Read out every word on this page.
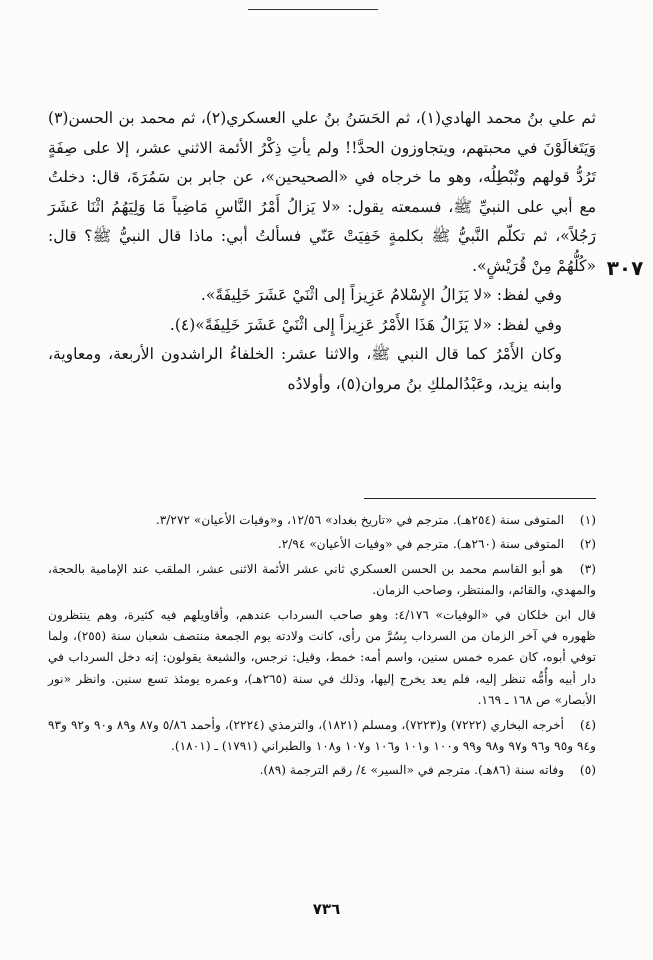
٣٠٧

ثم علي بنُ محمد الهادي(١)، ثم الحَسَنُ بنُ علي العسكري(٢)، ثم محمد بن الحسن(٣) وَيَتَغالَوْنَ في محبتهم، ويتجاوزون الحدَّ!! ولم يأتِ ذِكْرُ الأئمة الاثني عشر، إلا على صِفَةٍ تَرُدُّ قولهم وتُبْطِلُه، وهو ما خرجاه في «الصحيحين»، عن جابر بن سَمُرَةَ، قال: دخلتُ مع أبي على النبيِّ ﷺ، فسمعته يقول: «لا يَزالُ أَمْرُ النَّاسِ مَاضِياً مَا وَلِيَهُمُ اثْنَا عَشَرَ رَجُلاً»، ثم تكلّم النَّبيُّ ﷺ بكلمةٍ خَفِيَتْ عَنّي فسألتُ أبي: ماذا قال النبيُّ ﷺ؟ قال: «كُلُّهُمْ مِنْ قُرَيْشٍ».

وفي لفظ: «لا يَزَالُ الإِسْلامُ عَزِيزاً إلى اثْنَيْ عَشَرَ خَلِيفَةً».

وفي لفظ: «لا يَزَالُ هَذَا الأَمْرُ عَزِيزاً إِلى اثْنَيْ عَشَرَ خَلِيفَةً»(٤).

وكان الأَمْرُ كما قال النبي ﷺ، والاثنا عشر: الخلفاءُ الراشدون الأربعة، ومعاوية، وابنه يزيد، وعَبْدُالملكِ بنُ مروان(٥)، وأولادُه

(١) المتوفى سنة (٢٥٤هـ). مترجم في «تاريخ بغداد» ١٢/٥٦، و«وفيات الأعيان» ٣/٢٧٢.

(٢) المتوفى سنة (٢٦٠هـ). مترجم في «وفيات الأعيان» ٢/٩٤.

(٣) هو أبو القاسم محمد بن الحسن العسكري ثاني عشر الأئمة الاثنى عشر، الملقب عند الإمامية بالحجة، والمهدي، والقائم، والمنتظر، وصاحب الزمان.

قال ابن خلكان في «الوفيات» ٤/١٧٦: وهو صاحب السرداب عندهم، وأقاويلهم فيه كثيرة، وهم ينتظرون ظهوره في آخر الزمان من السرداب بِسُرَّ من رأى، كانت ولادته يوم الجمعة منتصف شعبان سنة (٢٥٥)، ولما توفي أبوه، كان عمره خمس سنين، واسم أمه: خمط، وقيل: نرجس، والشيعة يقولون: إنه دخل السرداب في دار أبيه وأُمُّه تنظر إليه، فلم يعد يخرج إليها، وذلك في سنة (٢٦٥هـ)، وعمره يومئذ تسع سنين. وانظر «نور الأبصار» ص ١٦٨ ـ ١٦٩.

(٤) أخرجه البخاري (٧٢٢٢) و(٧٢٢٣)، ومسلم (١٨٢١)، والترمذي (٢٢٢٤)، وأحمد ٥/٨٦ و٨٧ و٨٩ و٩٠ و٩٢ و٩٣ و٩٤ و٩٥ و٩٦ و٩٧ و٩٨ و٩٩ و١٠٠ و١٠١ و١٠٦ و١٠٧ و١٠٨ والطبراني (١٧٩١) ـ (١٨٠١).

(٥) وفاته سنة (٨٦هـ). مترجم في «السير» ٤/ رقم الترجمة (٨٩).

٧٣٦
